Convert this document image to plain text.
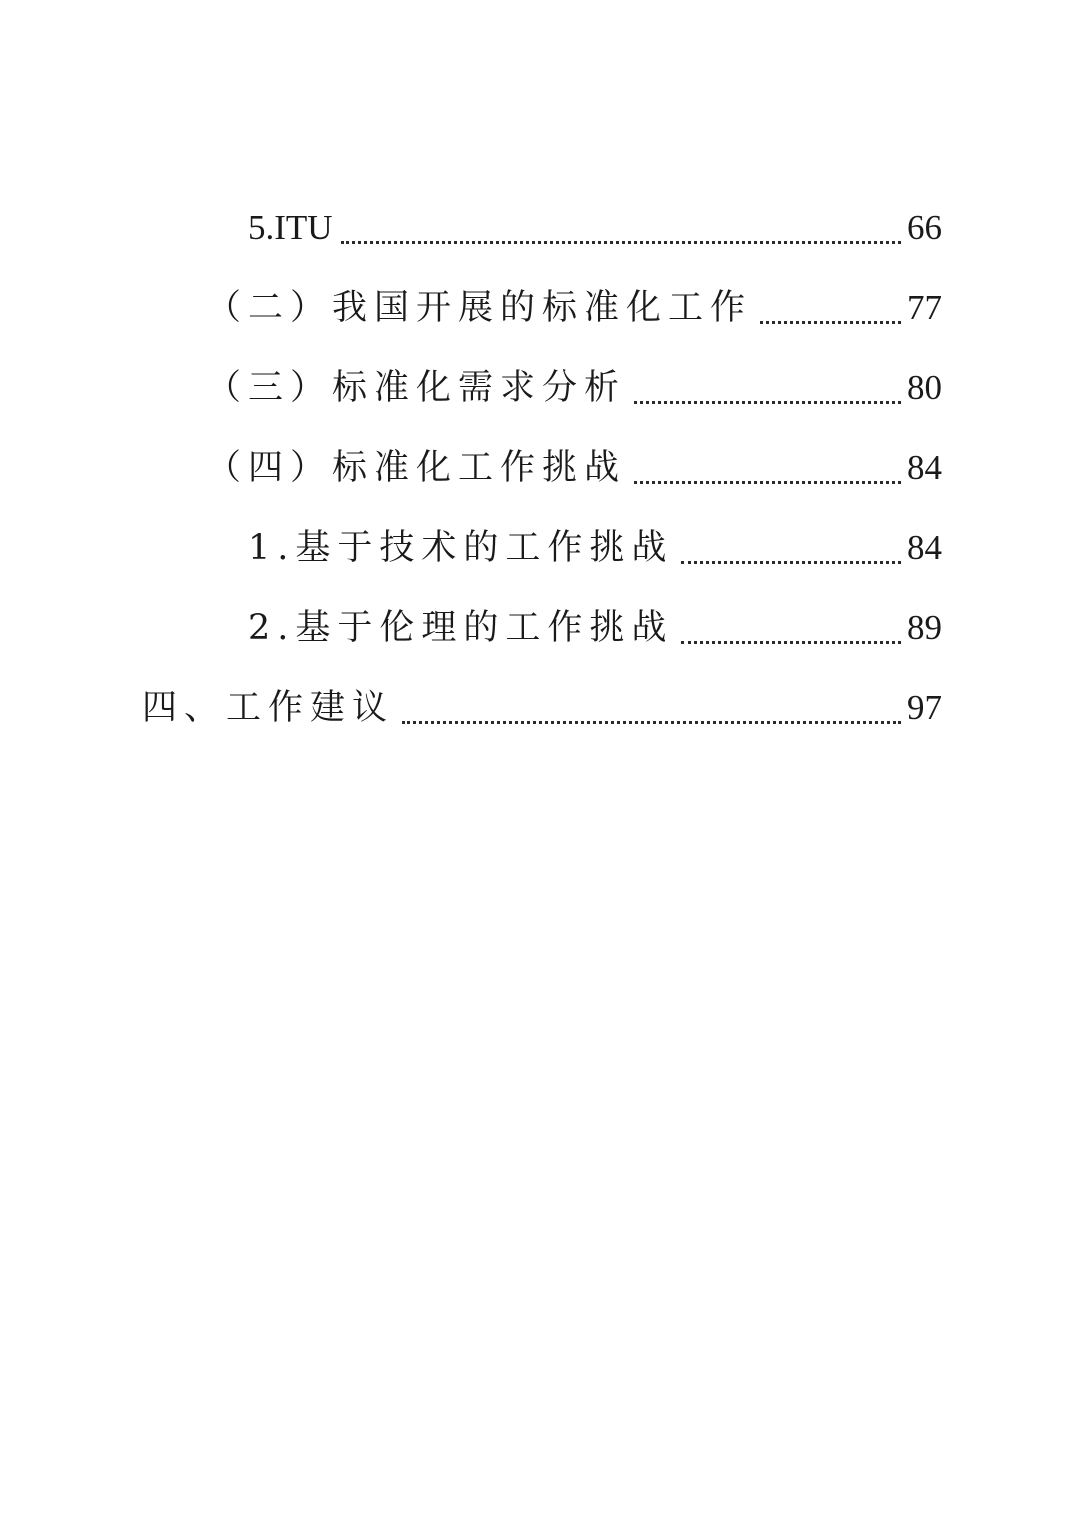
5.ITU	66
（二）我国开展的标准化工作	77
（三）标准化需求分析	80
（四）标准化工作挑战	84
1.基于技术的工作挑战	84
2.基于伦理的工作挑战	89
四、工作建议	97
